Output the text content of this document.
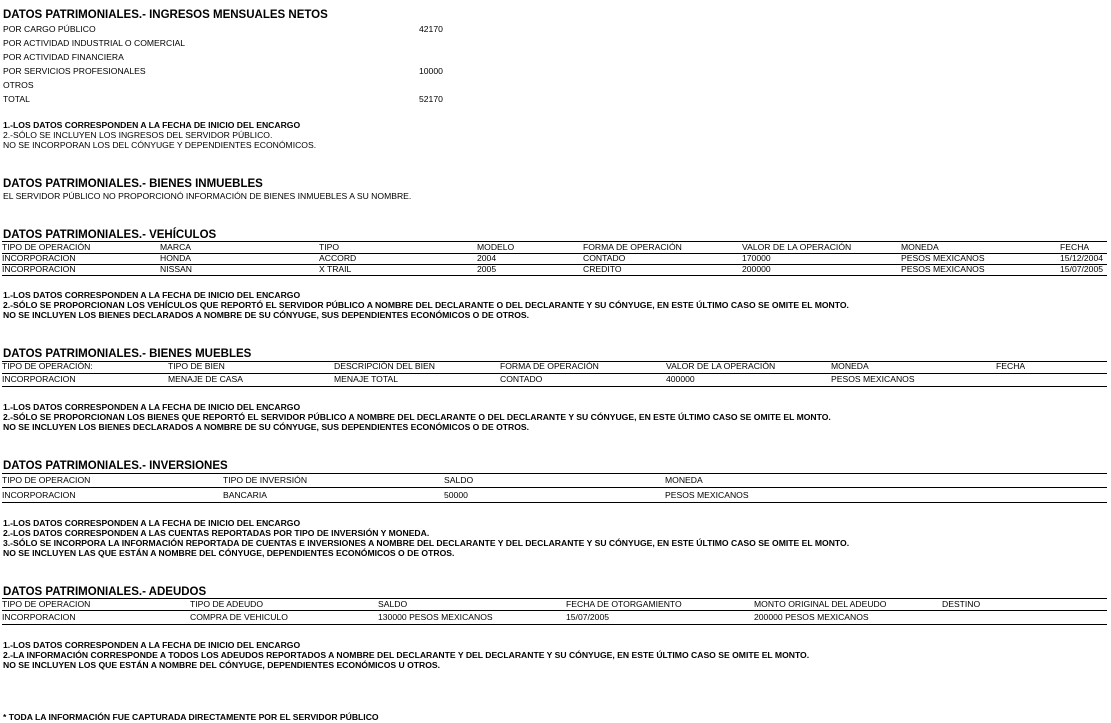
DATOS PATRIMONIALES.- INGRESOS MENSUALES NETOS
POR CARGO PÚBLICO	42170
POR ACTIVIDAD INDUSTRIAL O COMERCIAL
POR ACTIVIDAD FINANCIERA
POR SERVICIOS PROFESIONALES	10000
OTROS
TOTAL	52170
1.-LOS DATOS CORRESPONDEN A LA FECHA DE INICIO DEL ENCARGO
2.-SÓLO SE INCLUYEN LOS INGRESOS DEL SERVIDOR PÚBLICO.
NO SE INCORPORAN LOS DEL CÓNYUGE Y DEPENDIENTES ECONÓMICOS.
DATOS PATRIMONIALES.- BIENES INMUEBLES
EL SERVIDOR PÚBLICO NO PROPORCIONÓ INFORMACIÓN DE BIENES INMUEBLES A SU NOMBRE.
DATOS PATRIMONIALES.- VEHÍCULOS
TIPO DE OPERACIÓN	MARCA	TIPO	MODELO	FORMA DE OPERACIÓN	VALOR DE LA OPERACIÓN	MONEDA	FECHA
INCORPORACION	HONDA	ACCORD	2004	CONTADO	170000	PESOS MEXICANOS	15/12/2004
INCORPORACION	NISSAN	X TRAIL	2005	CREDITO	200000	PESOS MEXICANOS	15/07/2005
1.-LOS DATOS CORRESPONDEN A LA FECHA DE INICIO DEL ENCARGO
2.-SÓLO SE PROPORCIONAN LOS VEHÍCULOS QUE REPORTÓ EL SERVIDOR PÚBLICO A NOMBRE DEL DECLARANTE O DEL DECLARANTE Y SU CÓNYUGE, EN ESTE ÚLTIMO CASO SE OMITE EL MONTO.
NO SE INCLUYEN LOS BIENES DECLARADOS A NOMBRE DE SU CÓNYUGE, SUS DEPENDIENTES ECONÓMICOS O DE OTROS.
DATOS PATRIMONIALES.- BIENES MUEBLES
TIPO DE OPERACIÓN:	TIPO DE BIEN	DESCRIPCIÓN DEL BIEN	FORMA DE OPERACIÓN	VALOR DE LA OPERACIÓN	MONEDA	FECHA
INCORPORACION	MENAJE DE CASA	MENAJE TOTAL	CONTADO	400000	PESOS MEXICANOS
1.-LOS DATOS CORRESPONDEN A LA FECHA DE INICIO DEL ENCARGO
2.-SÓLO SE PROPORCIONAN LOS BIENES QUE REPORTÓ EL SERVIDOR PÚBLICO A NOMBRE DEL DECLARANTE O DEL DECLARANTE Y SU CÓNYUGE, EN ESTE ÚLTIMO CASO SE OMITE EL MONTO.
NO SE INCLUYEN LOS BIENES DECLARADOS A NOMBRE DE SU CÓNYUGE, SUS DEPENDIENTES ECONÓMICOS O DE OTROS.
DATOS PATRIMONIALES.- INVERSIONES
TIPO DE OPERACION	TIPO DE INVERSIÓN	SALDO	MONEDA
INCORPORACION	BANCARIA	50000	PESOS MEXICANOS
1.-LOS DATOS CORRESPONDEN A LA FECHA DE INICIO DEL ENCARGO
2.-LOS DATOS CORRESPONDEN A LAS CUENTAS REPORTADAS POR TIPO DE INVERSIÓN Y MONEDA.
3.-SÓLO SE INCORPORA LA INFORMACIÓN REPORTADA DE CUENTAS E INVERSIONES A NOMBRE DEL DECLARANTE Y DEL DECLARANTE Y SU CÓNYUGE, EN ESTE ÚLTIMO CASO SE OMITE EL MONTO.
NO SE INCLUYEN LAS QUE ESTÁN A NOMBRE DEL CÓNYUGE, DEPENDIENTES ECONÓMICOS O DE OTROS.
DATOS PATRIMONIALES.- ADEUDOS
TIPO DE OPERACION	TIPO DE ADEUDO	SALDO	FECHA DE OTORGAMIENTO	MONTO ORIGINAL DEL ADEUDO	DESTINO
INCORPORACION	COMPRA DE VEHICULO	130000 PESOS MEXICANOS	15/07/2005	200000 PESOS MEXICANOS
1.-LOS DATOS CORRESPONDEN A LA FECHA DE INICIO DEL ENCARGO
2.-LA INFORMACIÓN CORRESPONDE A TODOS LOS ADEUDOS REPORTADOS A NOMBRE DEL DECLARANTE Y DEL DECLARANTE Y SU CÓNYUGE, EN ESTE ÚLTIMO CASO SE OMITE EL MONTO.
NO SE INCLUYEN LOS QUE ESTÁN A NOMBRE DEL CÓNYUGE, DEPENDIENTES ECONÓMICOS U OTROS.
* TODA LA INFORMACIÓN FUE CAPTURADA DIRECTAMENTE POR EL SERVIDOR PÚBLICO
